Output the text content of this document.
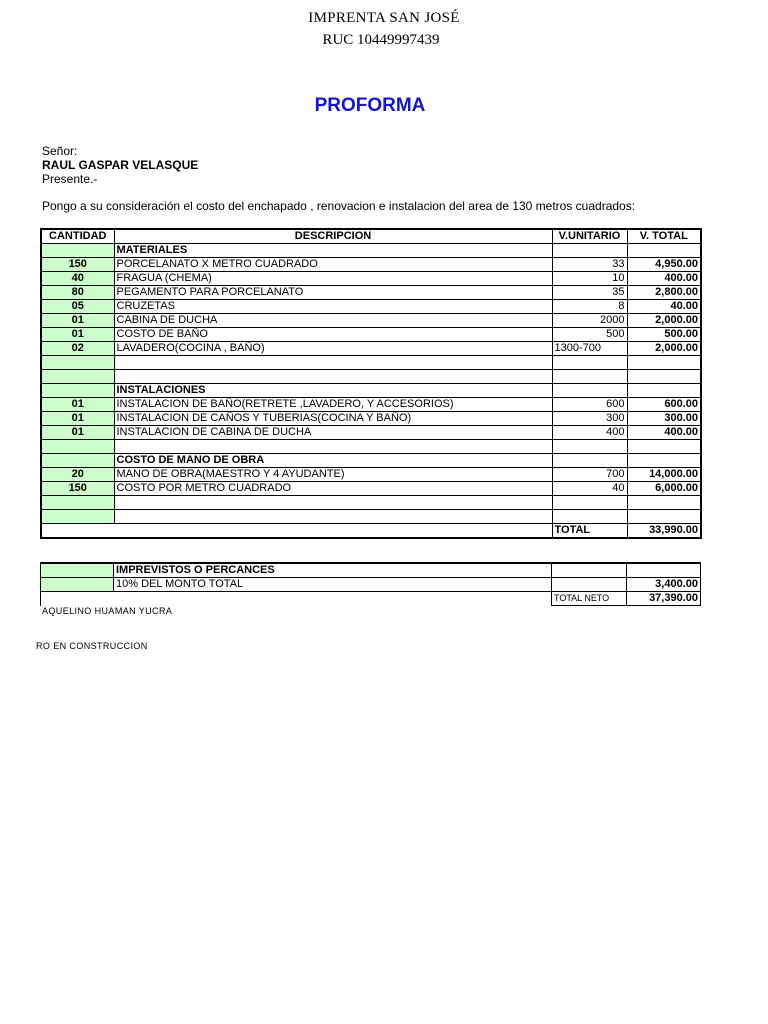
IMPRENTA SAN JOSÉ
RUC 10449997439
PROFORMA
Señor:
RAUL GASPAR VELASQUE
Presente.-
Pongo a su consideración el costo del enchapado , renovacion e instalacion del area de 130 metros cuadrados:
CANTIDAD	DESCRIPCION	V.UNITARIO	V. TOTAL
	MATERIALES		
150	PORCELANATO X METRO CUADRADO	33	4,950.00
40	FRAGUA (CHEMA)	10	400.00
80	PEGAMENTO PARA PORCELANATO	35	2,800.00
05	CRUZETAS	8	40.00
01	CABINA DE DUCHA	2000	2,000.00
01	COSTO DE BAÑO	500	500.00
02	LAVADERO(COCINA , BAÑO)	1300-700	2,000.00

	INSTALACIONES		
01	INSTALACION DE BAÑO(RETRETE ,LAVADERO, Y ACCESORIOS)	600	600.00
01	INSTALACION DE CAÑOS Y TUBERIAS(COCINA Y BAÑO)	300	300.00
01	INSTALACION DE CABINA DE DUCHA	400	400.00

	COSTO DE MANO DE OBRA		
20	MANO DE OBRA(MAESTRO Y 4 AYUDANTE)	700	14,000.00
150	COSTO POR METRO CUADRADO	40	6,000.00

		TOTAL	33,990.00
	IMPREVISTOS O PERCANCES		
	10% DEL MONTO TOTAL		3,400.00
		TOTAL NETO	37,390.00
AQUELINO HUAMAN YUCRA
RO EN CONSTRUCCION
